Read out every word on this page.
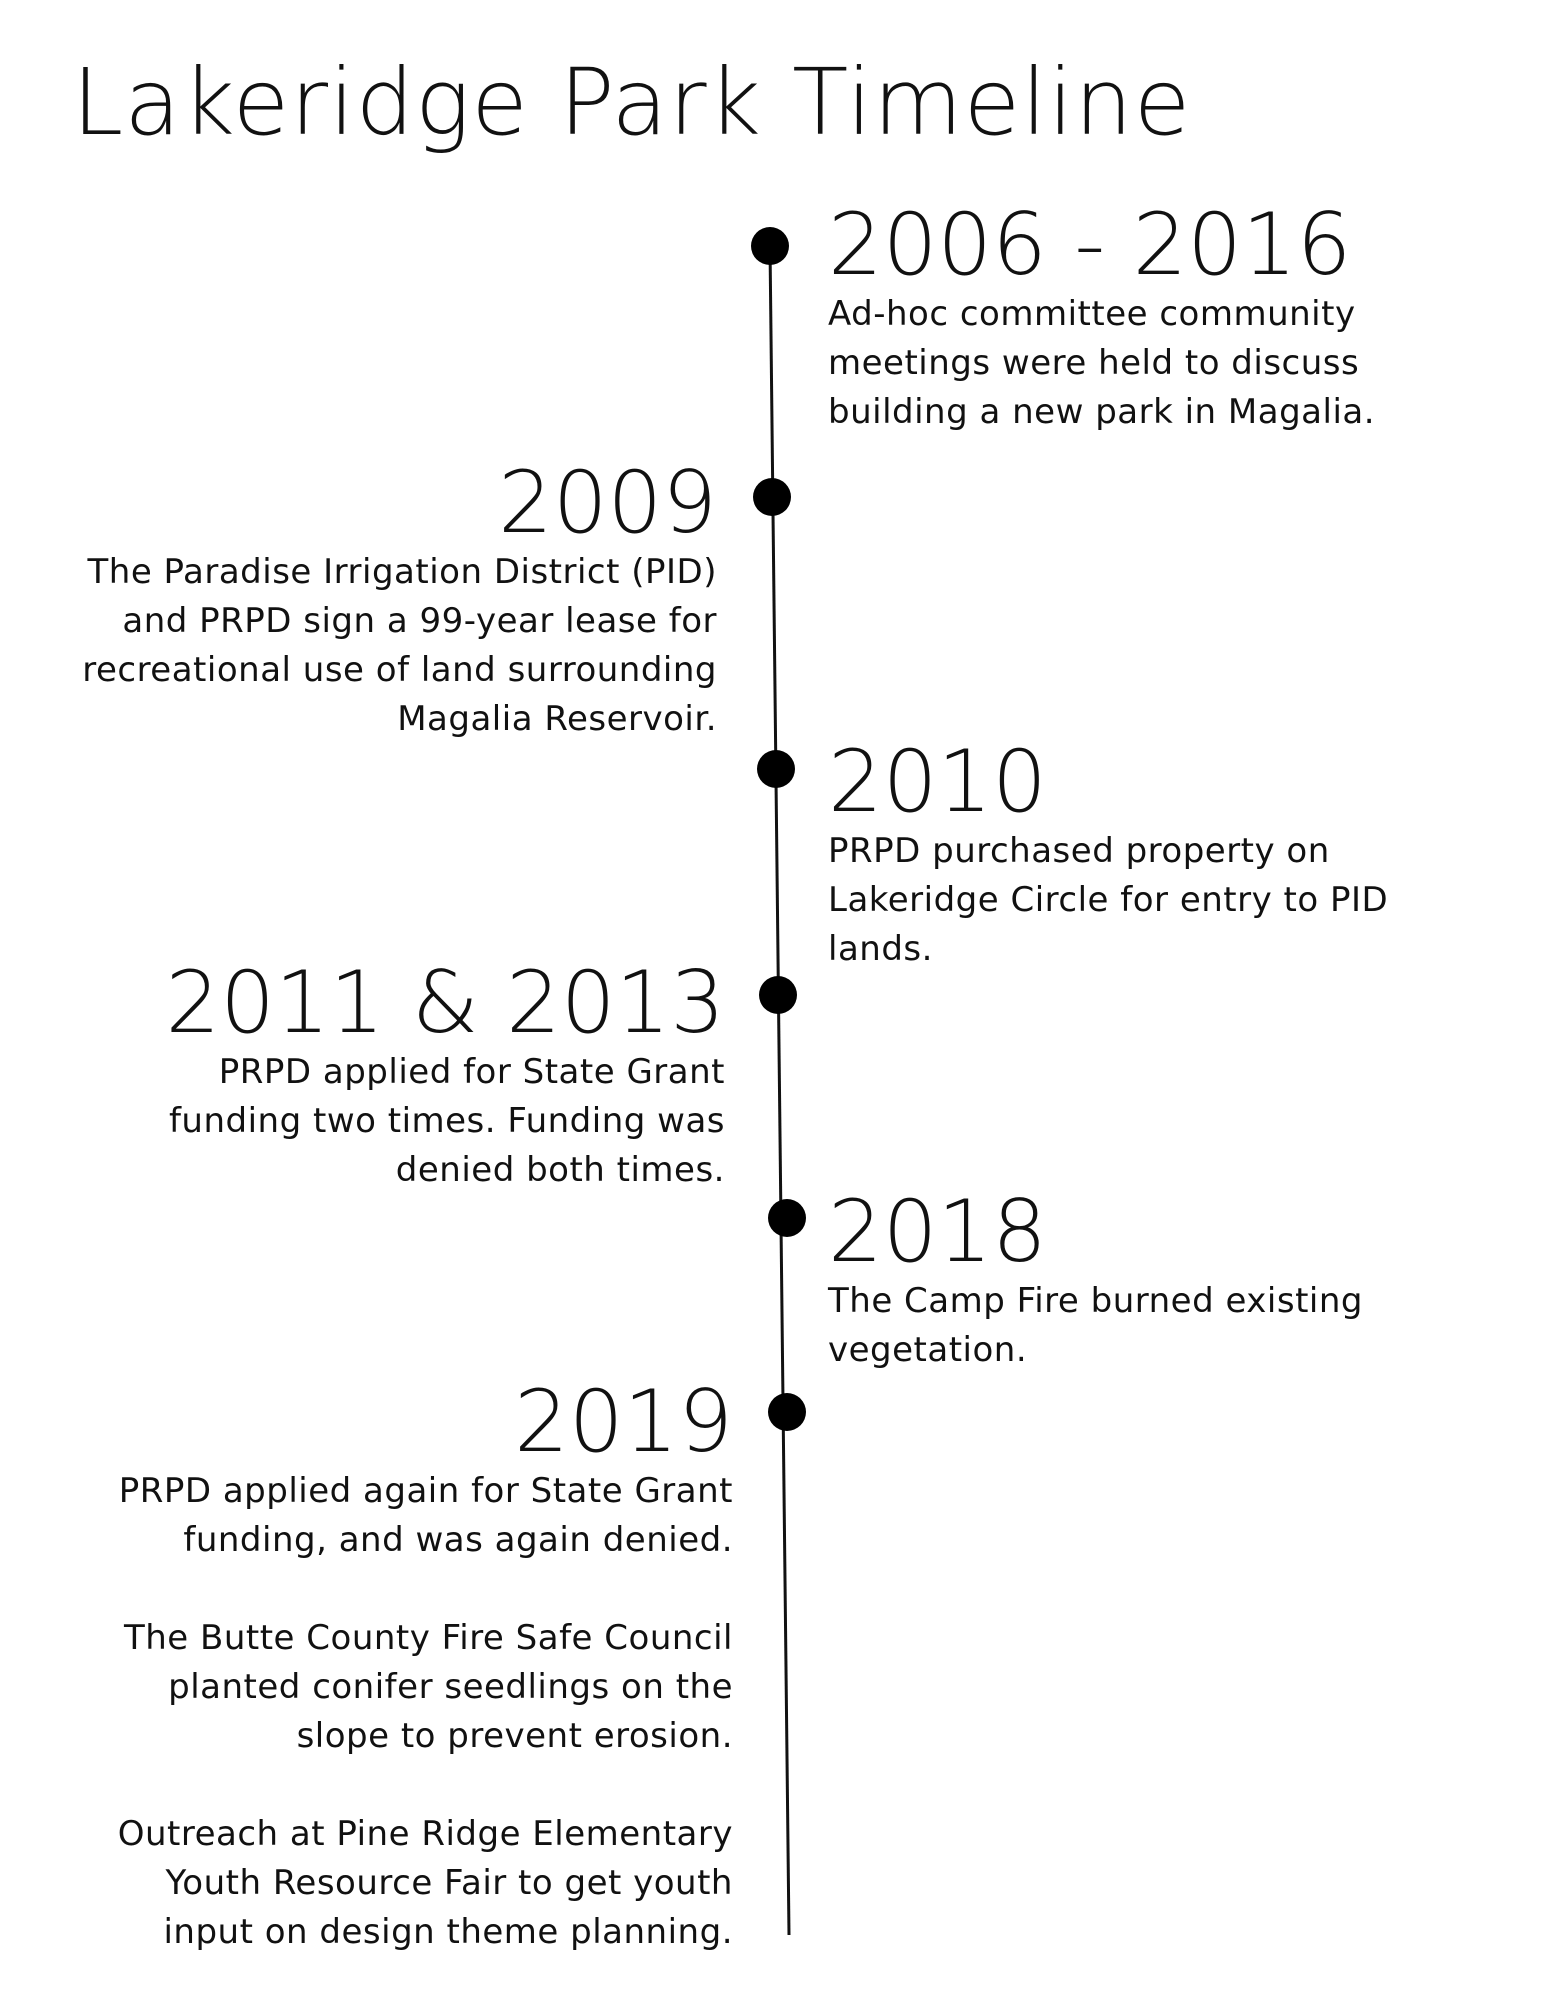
Lakeridge Park Timeline
2006 - 2016

Ad-hoc committee community meetings were held to discuss building a new park in Magalia.

2009

The Paradise Irrigation District (PID) and PRPD sign a 99-year lease for recreational use of land surrounding Magalia Reservoir.

2010

PRPD purchased property on Lakeridge Circle for entry to PID lands.

2011 & 2013

PRPD applied for State Grant funding two times. Funding was denied both times.

2018

The Camp Fire burned existing vegetation.

2019

PRPD applied again for State Grant funding, and was again denied.

The Butte County Fire Safe Council planted conifer seedlings on the slope to prevent erosion.

Outreach at Pine Ridge Elementary Youth Resource Fair to get youth input on design theme planning.
